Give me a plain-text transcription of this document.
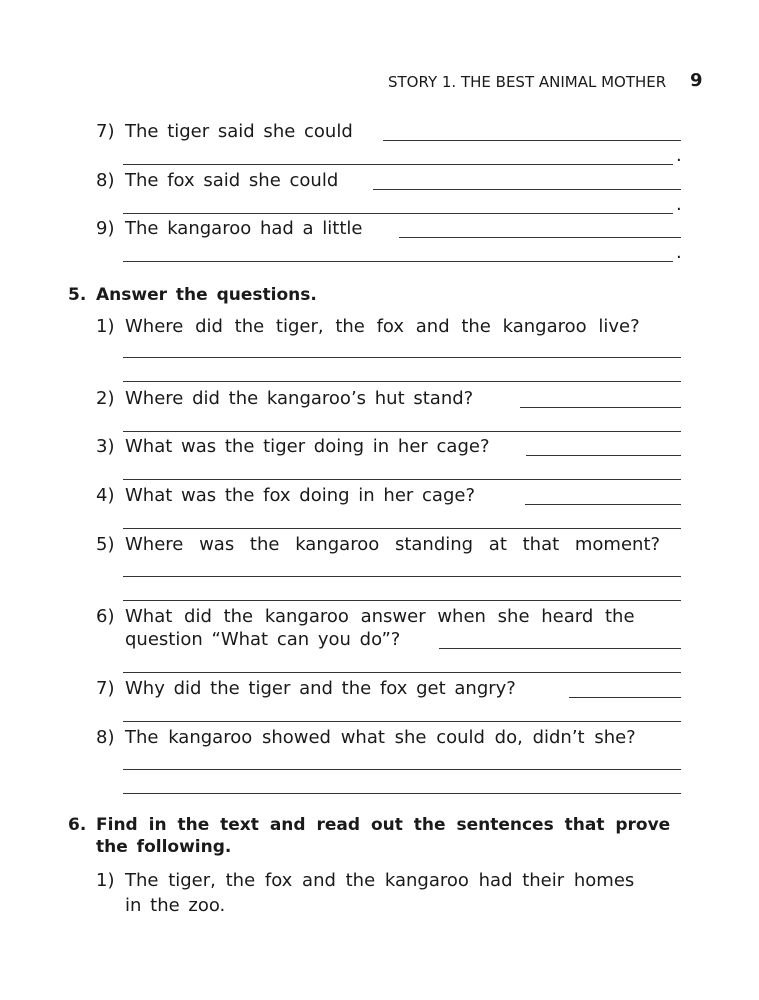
STORY 1. THE BEST ANIMAL MOTHER 9
7) The tiger said she could
.
8) The fox said she could
.
9) The kangaroo had a little
.
5. Answer the questions.
1) Where did the tiger, the fox and the kangaroo live?
2) Where did the kangaroo’s hut stand?
3) What was the tiger doing in her cage?
4) What was the fox doing in her cage?
5) Where was the kangaroo standing at that moment?
6) What did the kangaroo answer when she heard the
question “What can you do”?
7) Why did the tiger and the fox get angry?
8) The kangaroo showed what she could do, didn’t she?
6. Find in the text and read out the sentences that prove
the following.
1) The tiger, the fox and the kangaroo had their homes
in the zoo.
